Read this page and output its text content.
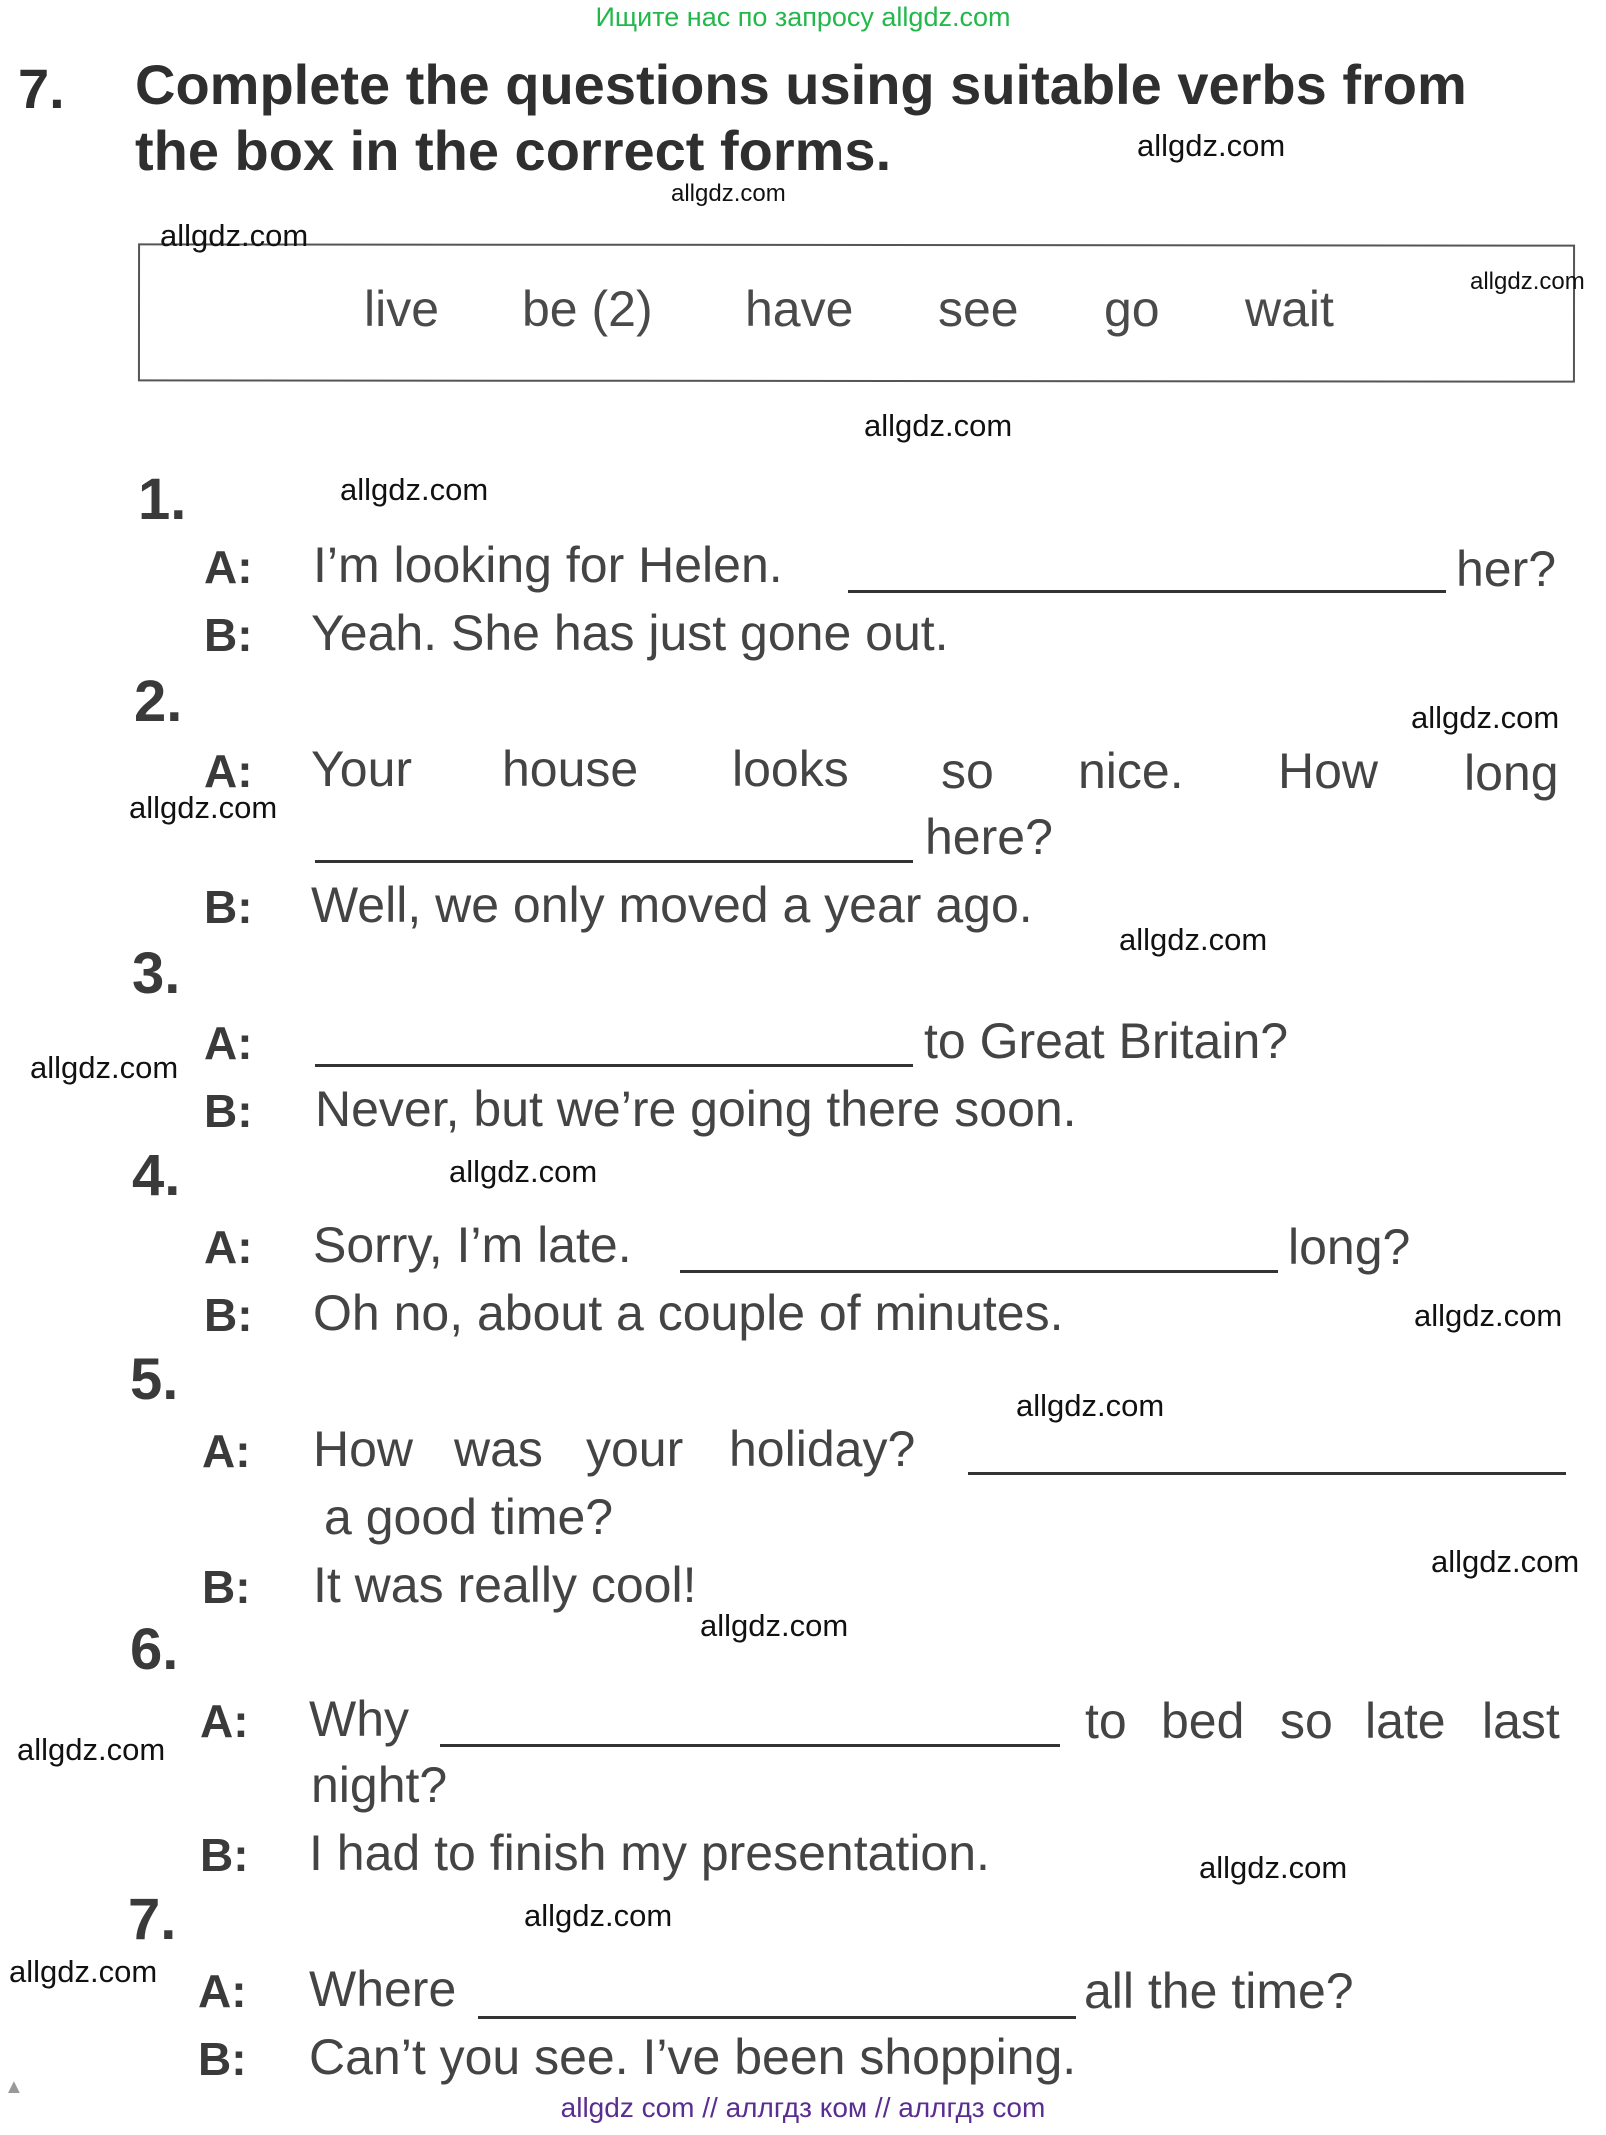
Ищите нас по запросу allgdz.com
7. Complete the questions using suitable verbs from
the box in the correct forms.
live be (2) have see go wait
1.
A: I’m looking for Helen.	her?
B: Yeah. She has just gone out.
2.
A: Your house looks so nice. How long
here?
B: Well, we only moved a year ago.
3.
A:	to Great Britain?
B: Never, but we’re going there soon.
4.
A: Sorry, I’m late.	long?
B: Oh no, about a couple of minutes.
5.
A: How was your holiday?
a good time?
B: It was really cool!
6.
A: Why	to bed so late last
night?
B: I had to finish my presentation.
7.
A: Where	all the time?
B: Can’t you see. I’ve been shopping.
allgdz.com
allgdz.com
allgdz.com
allgdz.com
allgdz.com
allgdz.com
allgdz.com
allgdz.com
allgdz.com
allgdz.com
allgdz.com
allgdz.com
allgdz.com
allgdz.com
allgdz.com
allgdz.com
allgdz.com
allgdz.com
allgdz.com
allgdz com // аллгдз ком // аллгдз com
▲
